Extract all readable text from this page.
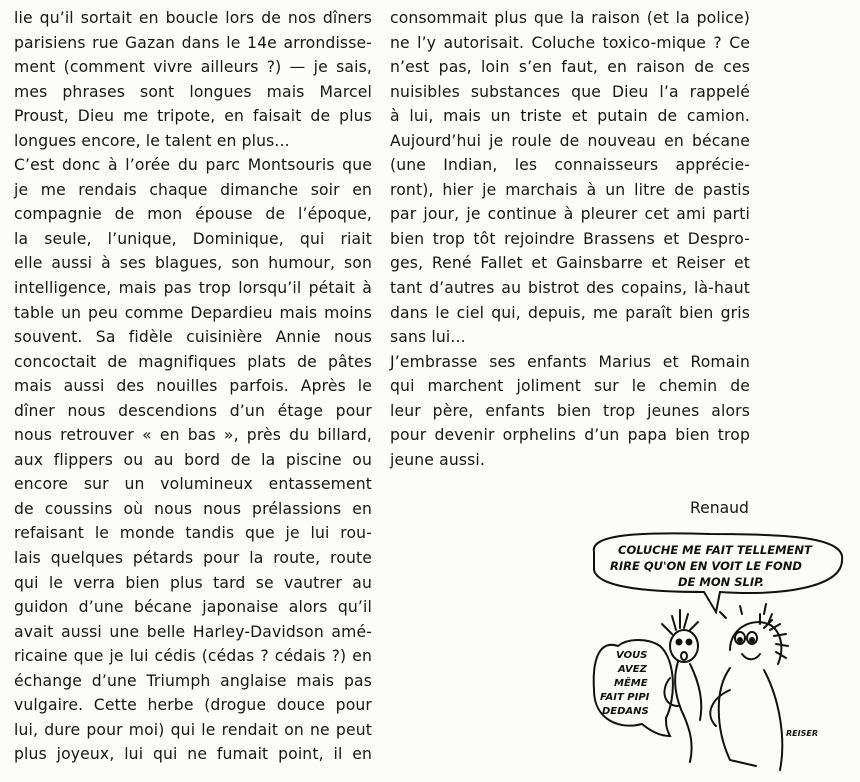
lie qu’il sortait en boucle lors de nos dîners
parisiens rue Gazan dans le 14e arrondisse-
ment (comment vivre ailleurs ?) — je sais,
mes phrases sont longues mais Marcel
Proust, Dieu me tripote, en faisait de plus
longues encore, le talent en plus...
C’est donc à l’orée du parc Montsouris que
je me rendais chaque dimanche soir en
compagnie de mon épouse de l’époque,
la seule, l’unique, Dominique, qui riait
elle aussi à ses blagues, son humour, son
intelligence, mais pas trop lorsqu’il pétait à
table un peu comme Depardieu mais moins
souvent. Sa fidèle cuisinière Annie nous
concoctait de magnifiques plats de pâtes
mais aussi des nouilles parfois. Après le
dîner nous descendions d’un étage pour
nous retrouver « en bas », près du billard,
aux flippers ou au bord de la piscine ou
encore sur un volumineux entassement
de coussins où nous nous prélassions en
refaisant le monde tandis que je lui rou-
lais quelques pétards pour la route, route
qui le verra bien plus tard se vautrer au
guidon d’une bécane japonaise alors qu’il
avait aussi une belle Harley-Davidson amé-
ricaine que je lui cédis (cédas ? cédais ?) en
échange d’une Triumph anglaise mais pas
vulgaire. Cette herbe (drogue douce pour
lui, dure pour moi) qui le rendait on ne peut
plus joyeux, lui qui ne fumait point, il en
consommait plus que la raison (et la police)
ne l’y autorisait. Coluche toxico-mique ? Ce
n’est pas, loin s’en faut, en raison de ces
nuisibles substances que Dieu l’a rappelé
à lui, mais un triste et putain de camion.
Aujourd’hui je roule de nouveau en bécane
(une Indian, les connaisseurs apprécie-
ront), hier je marchais à un litre de pastis
par jour, je continue à pleurer cet ami parti
bien trop tôt rejoindre Brassens et Despro-
ges, René Fallet et Gainsbarre et Reiser et
tant d’autres au bistrot des copains, là-haut
dans le ciel qui, depuis, me paraît bien gris
sans lui...
J’embrasse ses enfants Marius et Romain
qui marchent joliment sur le chemin de
leur père, enfants bien trop jeunes alors
pour devenir orphelins d’un papa bien trop
jeune aussi.
Renaud
COLUCHE ME FAIT TELLEMENT
RIRE QU'ON EN VOIT LE FOND
DE MON SLIP.
VOUS
AVEZ
MÊME
FAIT PIPI
DEDANS
REISER
